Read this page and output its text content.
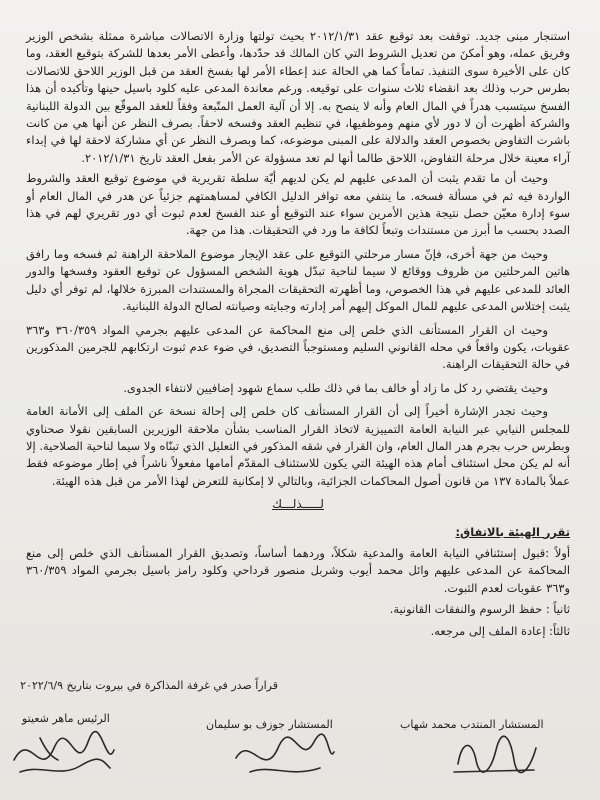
استنجار مبنى جديد. توقفت بعد توقيع عقد ٢٠١٢/١/٣١ بحيث تولتها وزارة الاتصالات مباشرة ممثلة بشخص الوزير وفريق عمله، وهو أمكنَ من تعديل الشروط التي كان المالك قد حدّدها، وأعطى الأمر بعدها للشركة بتوقيع العقد، وما كان على الأخيرة سوى التنفيذ. تماماً كما هي الحالة عند إعطاء الأمر لها بفسخ العقد من قبل الوزير اللاحق للاتصالات بطرس حرب وذلك بعد انقضاء ثلاث سنوات على توقيعه. ورغم معاندة المدعى عليه كلود باسيل حينها وتأكيده أن هذا الفسخ سيتسبب هدراً في المال العام وأنه لا ينصح به. إلا أن آلية العمل المتّبعة وفقاً للعقد الموقّع بين الدولة اللبنانية والشركة أظهرت أن لا دور لأي منهم وموظفيها، في تنظيم العقد وفسخه لاحقاً. بصرف النظر عن أنها هي من كانت باشرت التفاوض بخصوص العقد والدلالة على المبنى موضوعه، كما وبصرف النظر عن أي مشاركة لاحقة لها في إبداء آراء معينة خلال مرحلة التفاوض، اللاحق طالما أنها لم تعد مسؤولة عن الأمر بفعل العقد تاريخ ٢٠١٢/١/٣١.

وحيث أن ما تقدم يثبت أن المدعى عليهم لم يكن لديهم أيّة سلطة تقريرية في موضوع توقيع العقد والشروط الواردة فيه ثم في مسألة فسخه. ما ينتفي معه توافر الدليل الكافي لمساهمتهم جزئياً عن هدر في المال العام أو سوء إدارة معيّن حصل نتيجة هذين الأمرين سواء عند التوقيع أو عند الفسخ لعدم ثبوت أي دور تقريري لهم في هذا الصدد بحسب ما أبرز من مستندات وتبعاً لكافة ما ورد في التحقيقات. هذا من جهة.

وحيث من جهة أخرى، فإنّ مسار مرحلتي التوقيع على عقد الإيجار موضوع الملاحقة الراهنة ثم فسخه وما رافق هاتين المرحلتين من ظروف ووقائع لا سيما لناحية تبدّل هوية الشخص المسؤول عن توقيع العقود وفسخها والدور العائد للمدعى عليهم في هذا الخصوص، وما أظهرته التحقيقات المجراة والمستندات المبرزة خلالها، لم توفر أي دليل يثبت إختلاس المدعى عليهم للمال الموكل إليهم أمر إدارته وجبايته وصيانته لصالح الدولة اللبنانية.

وحيث ان القرار المستأنف الذي خلص إلى منع المحاكمة عن المدعى عليهم بجرمي المواد ٣٦٠/٣٥٩ و٣٦٣ عقوبات، يكون واقعاً في محله القانوني السليم ومستوجباً التصديق، في ضوء عدم ثبوت ارتكابهم للجرمين المذكورين في حالة التحقيقات الراهنة.

وحيث يقتضي رد كل ما زاد أو خالف بما في ذلك طلب سماع شهود إضافيين لانتفاء الجدوى.

وحيث تجدر الإشارة أخيراً إلى أن القرار المستأنف كان خلص إلى إحالة نسخة عن الملف إلى الأمانة العامة للمجلس النيابي عبر النيابة العامة التمييزية لاتخاذ القرار المناسب بشأن ملاحقة الوزيرين السابقين نقولا صحناوي وبطرس حرب بجرم هدر المال العام، وان القرار في شقه المذكور في التعليل الذي تبنّاه ولا سيما لناحية الصلاحية. إلا أنه لم يكن محل استئناف أمام هذه الهيئة التي يكون للاستئناف المقدّم أمامها مفعولاً ناشراً في إطار موضوعه فقط عملاً بالمادة ١٣٧ من قانون أصول المحاكمات الجزائية، وبالتالي لا إمكانية للتعرض لهذا الأمر من قبل هذه الهيئة.

لـــــذلـــك
تقرر الهيئة بالاتفاق:
أولاً :قبول إستئنافي النيابة العامة والمدعية شكلاً، وردهما أساساً، وتصديق القرار المستأنف الذي خلص إلى منع المحاكمة عن المدعى عليهم وائل محمد أيوب وشربل منصور قرداحي وكلود رامز باسيل بجرمي المواد ٣٦٠/٣٥٩ و٣٦٣ عقوبات لعدم الثبوت.
ثانياً : حفظ الرسوم والنفقات القانونية.
ثالثاً: إعادة الملف إلى مرجعه.
قراراً صدر في غرفة المذاكرة في بيروت بتاريخ ٢٠٢٢/٦/٩
المستشار المنتدب محمد شهاب
المستشار جوزف بو سليمان
الرئيس ماهر شعيتو
